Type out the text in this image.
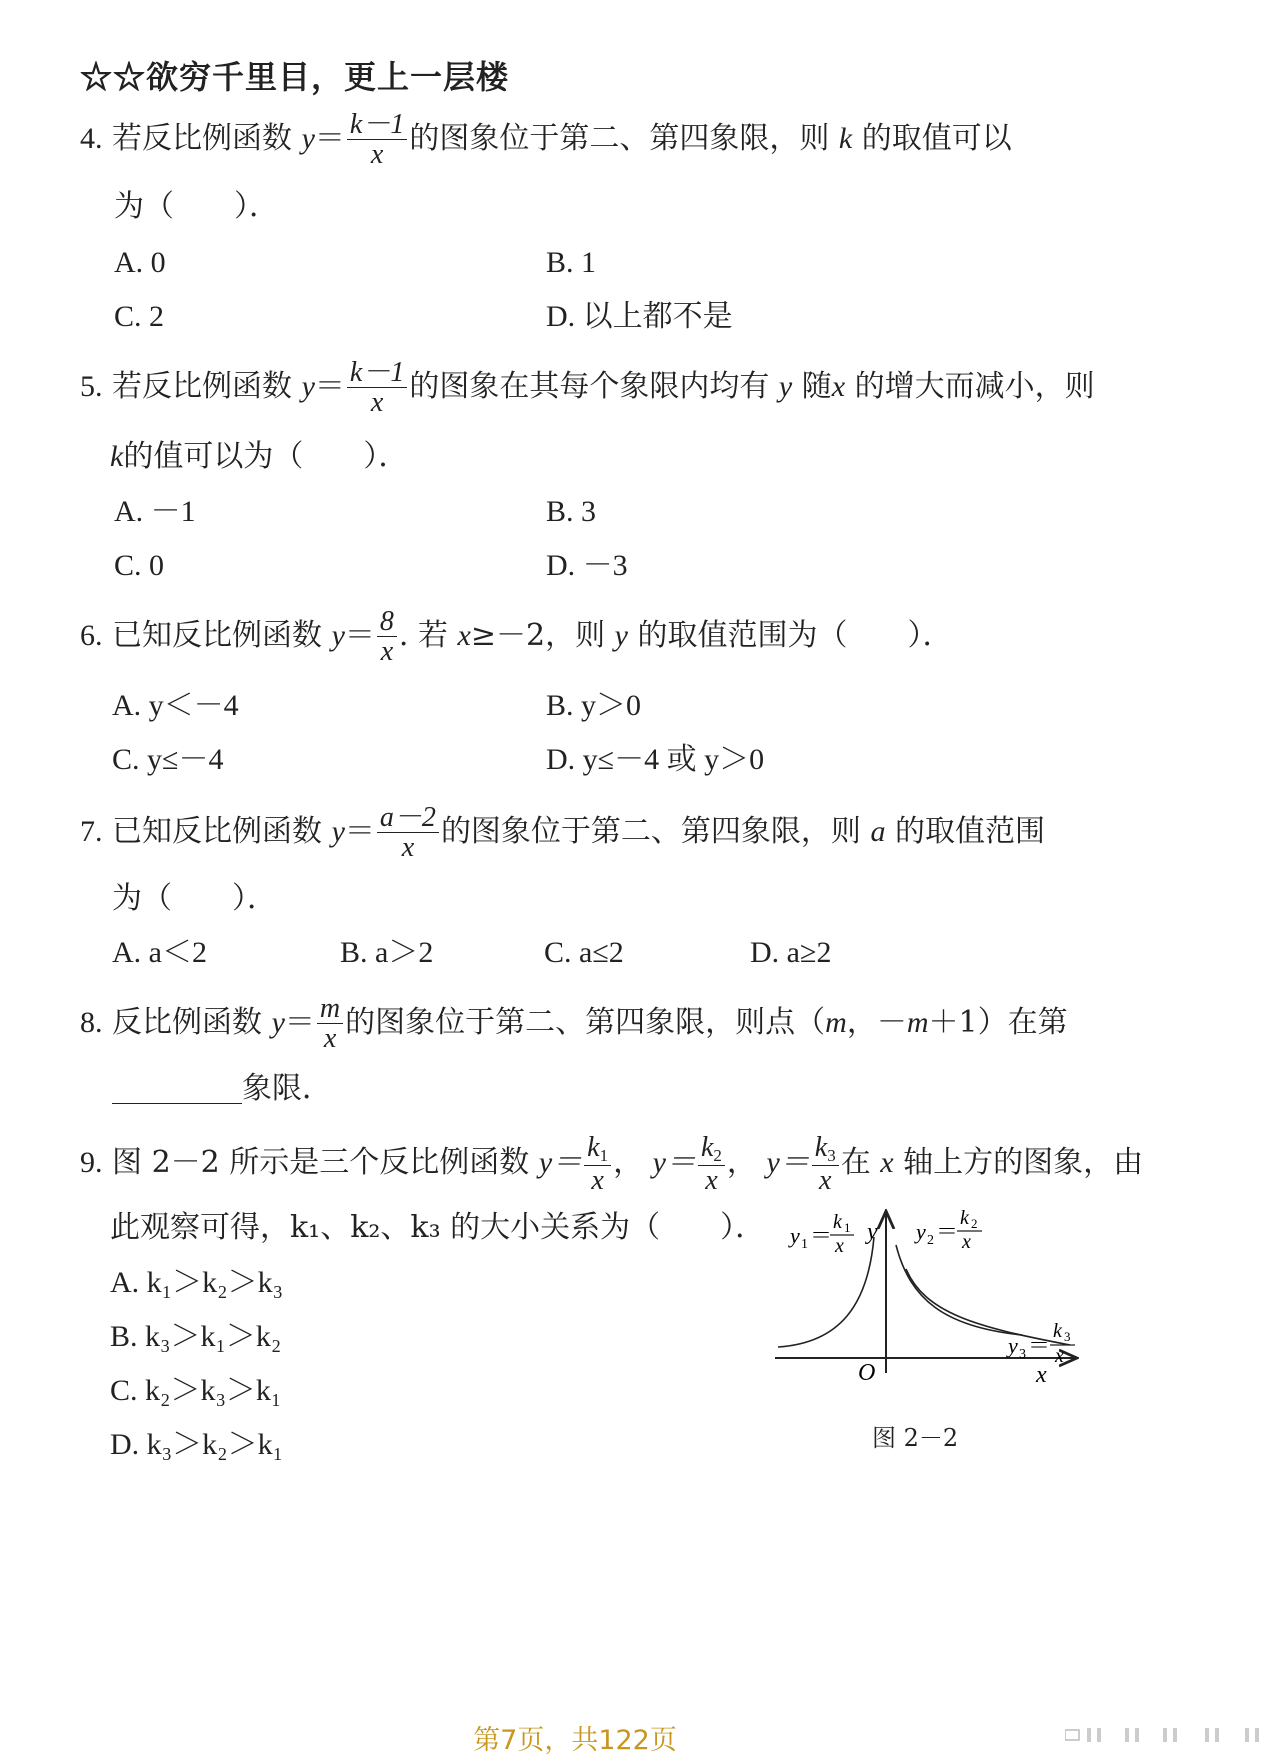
☆☆欲穷千里目，更上一层楼
4. 若反比例函数 $y= \frac{k-1}{x}$ 的图象位于第二、第四象限，则 k 的取值可以
为（　　）．
A. 0	B. 1
C. 2	D. 以上都不是
5. 若反比例函数 $y= \frac{k-1}{x}$ 的图象在其每个象限内均有 y 随x 的增大而减小，则
k的值可以为（　　）．
A. －1	B. 3
C. 0	D. －3
6. 已知反比例函数 $y= \frac{8}{x}$ . 若 x≥－2，则 y 的取值范围为（　　）．
A. y＜－4	B. y＞0
C. y≤－4	D. y≤－4 或 y＞0
7. 已知反比例函数 $y= \frac{a-2}{x}$ 的图象位于第二、第四象限，则 a 的取值范围
为（　　）．
A. a＜2	B. a＞2	C. a≤2	D. a≥2
8. 反比例函数 $y= \frac{m}{x}$ 的图象位于第二、第四象限，则点（m，－m＋1）在第
象限．
9. 图 2－2 所示是三个反比例函数 $y= \frac{k_1}{x}$ ， $y= \frac{k_2}{x}$ ， $y= \frac{k_3}{x}$ 在 x 轴上方的图象，由
此观察可得，k₁、k₂、k₃ 的大小关系为（　　）．
A. k₁＞k₂＞k₃
B. k₃＞k₁＞k₂
C. k₂＞k₃＞k₁
D. k₃＞k₂＞k₁
O	x
y
y 1 ＝
k 1
x
y 2 ＝
k 2
x
y 3 ＝
k 3
x
图 2－2
第7页，共122页
